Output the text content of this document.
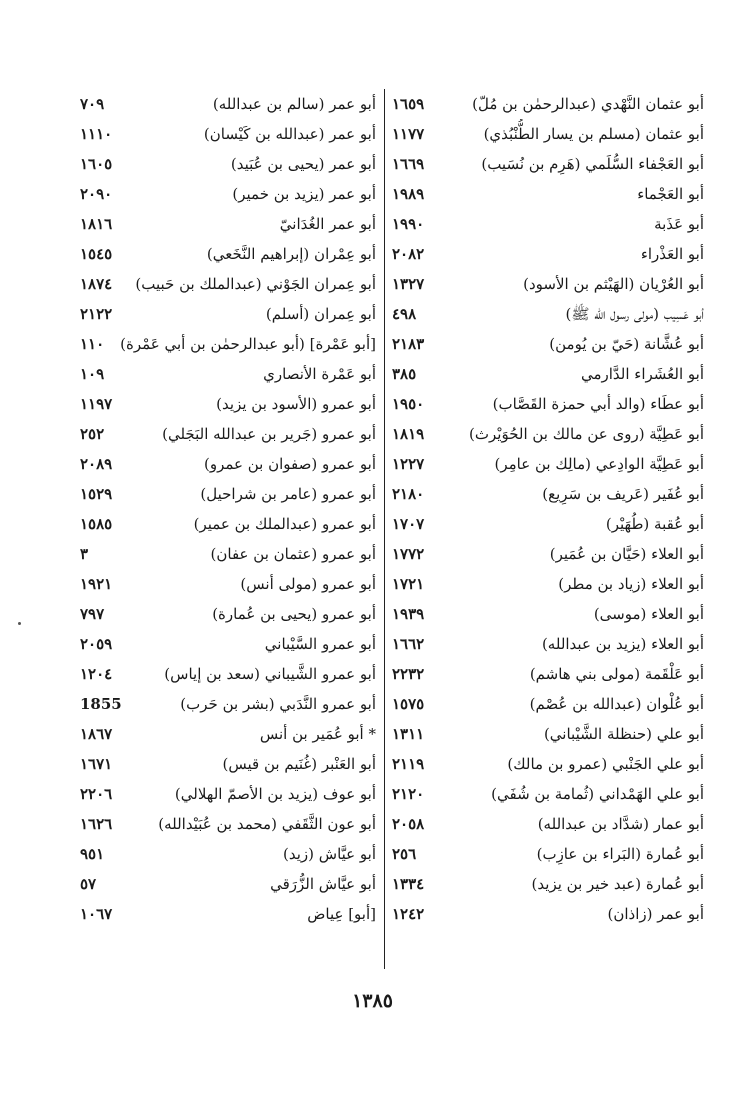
أبو عثمان النَّهْدي (عبدالرحمٰن بن مُلّ)
١٦٥٩
أبو عثمان (مسلم بن يسار الطُّنْبُذي)
١١٧٧
أبو العَجْفاء السُّلَمي (هَرِم بن نُسَيب)
١٦٦٩
أبو العَجْماء
١٩٨٩
أبو عَذَبة
١٩٩٠
أبو العَذْراء
٢٠٨٢
أبو العُرْيان (الهَيْثم بن الأسود)
١٣٢٧
أبو عَسِيب (مولى رسول الله ﷺ)
٤٩٨
أبو عُشَّانة (حَيّ بن يُومن)
٢١٨٣
أبو العُشَراء الدَّارمي
٣٨٥
أبو عطَاء (والد أبي حمزة القَصَّاب)
١٩٥٠
أبو عَطِيَّة (روى عن مالك بن الحُوَيْرث)
١٨١٩
أبو عَطِيَّة الوادِعي (مالِك بن عامِر)
١٢٢٧
أبو عُفَير (عَريف بن سَرِيع)
٢١٨٠
أبو عُقبة (طُهَيْر)
١٧٠٧
أبو العلاء (حَيَّان بن عُمَير)
١٧٧٢
أبو العلاء (زياد بن مطر)
١٧٢١
أبو العلاء (موسى)
١٩٣٩
أبو العلاء (يزيد بن عبدالله)
١٦٦٢
أبو عَلْقَمة (مولى بني هاشم)
٢٢٣٢
أبو عُلْوان (عبدالله بن عُصْم)
١٥٧٥
أبو علي (حنظلة الشَّيْباني)
١٣١١
أبو علي الجَنْبي (عمرو بن مالك)
٢١١٩
أبو علي الهَمْداني (ثُمامة بن شُفَي)
٢١٢٠
أبو عمار (شدَّاد بن عبدالله)
٢٠٥٨
أبو عُمارة (البَراء بن عازِب)
٢٥٦
أبو عُمارة (عبد خير بن يزيد)
١٣٣٤
أبو عمر (زاذان)
١٢٤٢
أبو عمر (سالم بن عبدالله)
٧٠٩
أبو عمر (عبدالله بن كَيْسان)
١١١٠
أبو عمر (يحيى بن عُبَيد)
١٦٠٥
أبو عمر (يزيد بن خمير)
٢٠٩٠
أبو عمر الغُدَانيّ
١٨١٦
أبو عِمْران (إبراهيم النَّخَعي)
١٥٤٥
أبو عِمران الجَوْني (عبدالملك بن حَبيب)
١٨٧٤
أبو عِمران (أسلم)
٢١٢٢
[أبو عَمْرة] (أبو عبدالرحمٰن بن أبي عَمْرة)
١١٠
أبو عَمْرة الأنصاري
١٠٩
أبو عمرو (الأسود بن يزيد)
١١٩٧
أبو عمرو (جَرير بن عبدالله البَجَلي)
٢٥٢
أبو عمرو (صفوان بن عمرو)
٢٠٨٩
أبو عمرو (عامر بن شراحيل)
١٥٢٩
أبو عمرو (عبدالملك بن عمير)
١٥٨٥
أبو عمرو (عثمان بن عفان)
٣
أبو عمرو (مولى أنس)
١٩٢١
أبو عمرو (يحيى بن عُمارة)
٧٩٧
أبو عمرو السَّيْباني
٢٠٥٩
أبو عمرو الشَّيباني (سعد بن إياس)
١٢٠٤
أبو عمرو النَّدَبي (بشر بن حَرب)
1855
* أبو عُمَير بن أنس
١٨٦٧
أبو العَنْبر (غُنَيم بن قيس)
١٦٧١
أبو عوف (يزيد بن الأصمّ الهلالي)
٢٢٠٦
أبو عون الثَّقَفي (محمد بن عُبَيْدالله)
١٦٢٦
أبو عيَّاش (زيد)
٩٥١
أبو عيَّاش الزُّرَقي
٥٧
[أبو] عِياض
١٠٦٧
١٣٨٥
